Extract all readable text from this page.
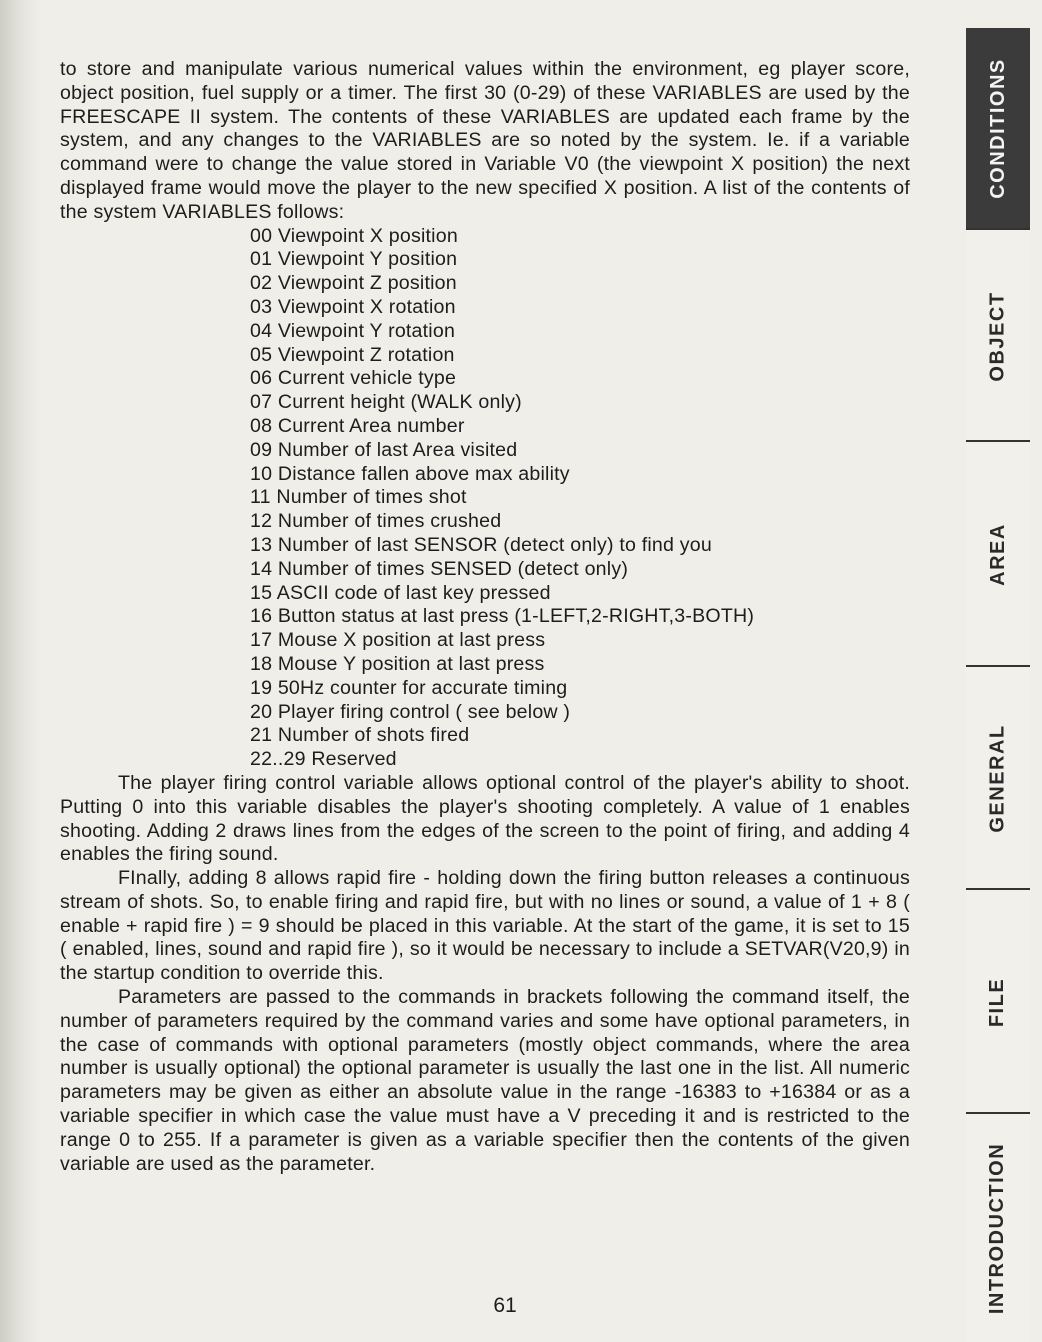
to store and manipulate various numerical values within the environment, eg player score, object position, fuel supply or a timer. The first 30 (0-29) of these VARIABLES are used by the FREESCAPE II system. The contents of these VARIABLES are updated each frame by the system, and any changes to the VARIABLES are so noted by the system. Ie. if a variable command were to change the value stored in Variable V0 (the viewpoint X position) the next displayed frame would move the player to the new specified X position. A list of the contents of the system VARIABLES follows:

00 Viewpoint X position
01 Viewpoint Y position
02 Viewpoint Z position
03 Viewpoint X rotation
04 Viewpoint Y rotation
05 Viewpoint Z rotation
06 Current vehicle type
07 Current height (WALK only)
08 Current Area number
09 Number of last Area visited
10 Distance fallen above max ability
11 Number of times shot
12 Number of times crushed
13 Number of last SENSOR (detect only) to find you
14 Number of times SENSED (detect only)
15 ASCII code of last key pressed
16 Button status at last press (1-LEFT,2-RIGHT,3-BOTH)
17 Mouse X position at last press
18 Mouse Y position at last press
19 50Hz counter for accurate timing
20 Player firing control ( see below )
21 Number of shots fired
22..29 Reserved

The player firing control variable allows optional control of the player's ability to shoot. Putting 0 into this variable disables the player's shooting completely. A value of 1 enables shooting. Adding 2 draws lines from the edges of the screen to the point of firing, and adding 4 enables the firing sound.

FInally, adding 8 allows rapid fire - holding down the firing button releases a continuous stream of shots. So, to enable firing and rapid fire, but with no lines or sound, a value of 1 + 8 ( enable + rapid fire ) = 9 should be placed in this variable. At the start of the game, it is set to 15 ( enabled, lines, sound and rapid fire ), so it would be necessary to include a SETVAR(V20,9) in the startup condition to override this.

Parameters are passed to the commands in brackets following the command itself, the number of parameters required by the command varies and some have optional parameters, in the case of commands with optional parameters (mostly object commands, where the area number is usually optional) the optional parameter is usually the last one in the list. All numeric parameters may be given as either an absolute value in the range -16383 to +16384 or as a variable specifier in which case the value must have a V preceding it and is restricted to the range 0 to 255. If a parameter is given as a variable specifier then the contents of the given variable are used as the parameter.

61
CONDITIONS
OBJECT
AREA
GENERAL
FILE
INTRODUCTION
